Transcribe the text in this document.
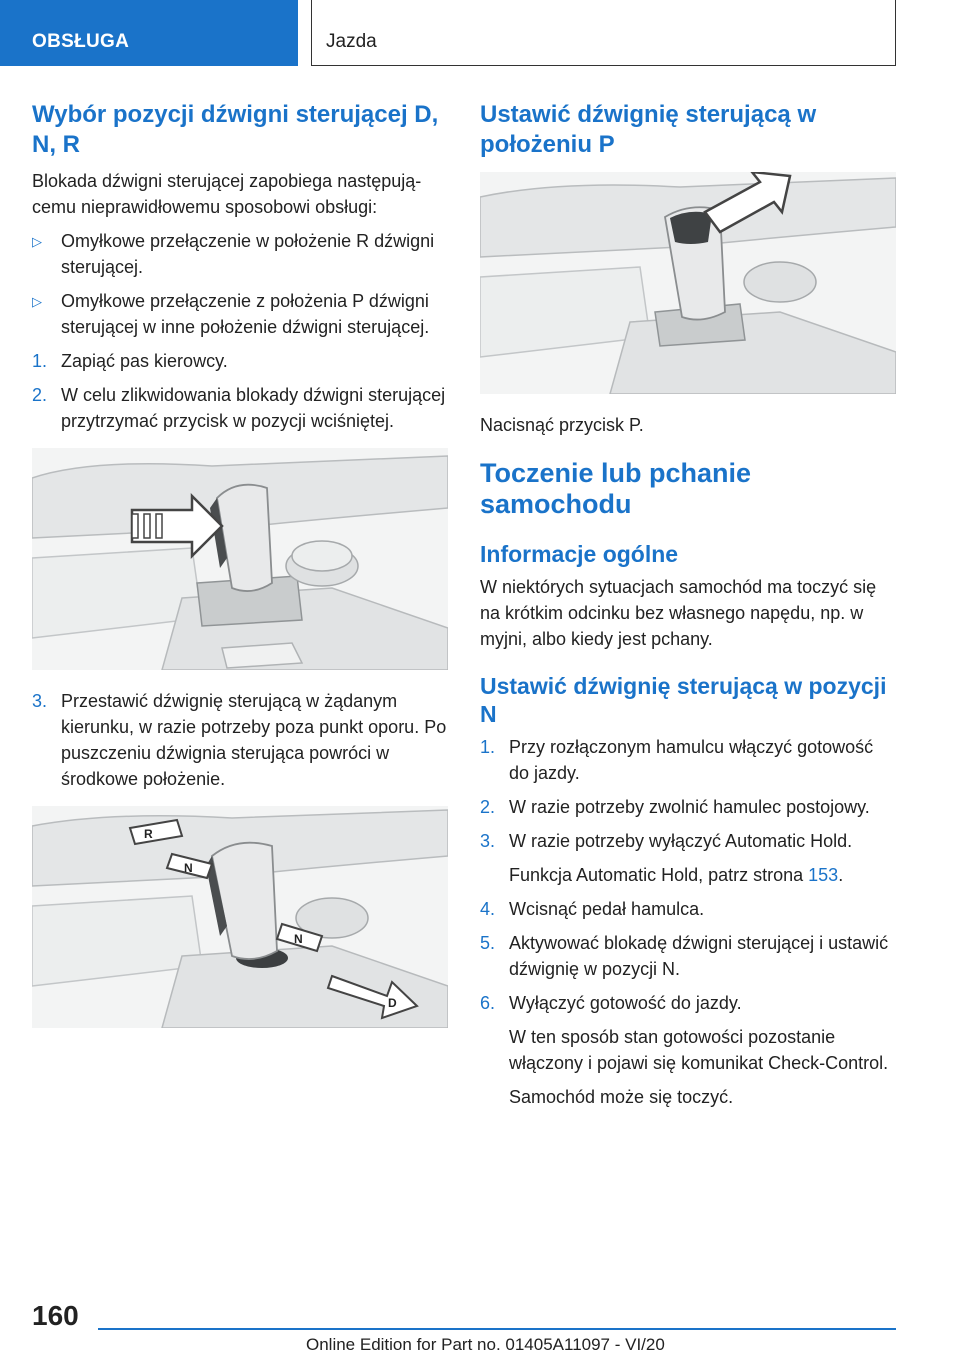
OBSŁUGA	Jazda
Wybór pozycji dźwigni sterującej D, N, R

Blokada dźwigni sterującej zapobiega następującemu nieprawidłowemu sposobowi obsługi:

▷ Omyłkowe przełączenie w położenie R dźwigni sterującej.
▷ Omyłkowe przełączenie z położenia P dźwigni sterującej w inne położenie dźwigni sterującej.
1. Zapiąć pas kierowcy.
2. W celu zlikwidowania blokady dźwigni sterującej przytrzymać przycisk w pozycji wciśniętej.
3. Przestawić dźwignię sterującą w żądanym kierunku, w razie potrzeby poza punkt oporu. Po puszczeniu dźwignia sterująca powróci w środkowe położenie.
R
N
N
D
Ustawić dźwignię sterującą w położeniu P

Nacisnąć przycisk P.

Toczenie lub pchanie samochodu
Informacje ogólne

W niektórych sytuacjach samochód ma toczyć się na krótkim odcinku bez własnego napędu, np. w myjni, albo kiedy jest pchany.

Ustawić dźwignię sterującą w pozycji N
1. Przy rozłączonym hamulcu włączyć gotowość do jazdy.
2. W razie potrzeby zwolnić hamulec postojowy.
3. W razie potrzeby wyłączyć Automatic Hold.
Funkcja Automatic Hold, patrz strona 153.
4. Wcisnąć pedał hamulca.
5. Aktywować blokadę dźwigni sterującej i ustawić dźwignię w pozycji N.
6. Wyłączyć gotowość do jazdy.
W ten sposób stan gotowości pozostanie włączony i pojawi się komunikat Check-Control.
Samochód może się toczyć.
160
Online Edition for Part no. 01405A11097 - VI/20
